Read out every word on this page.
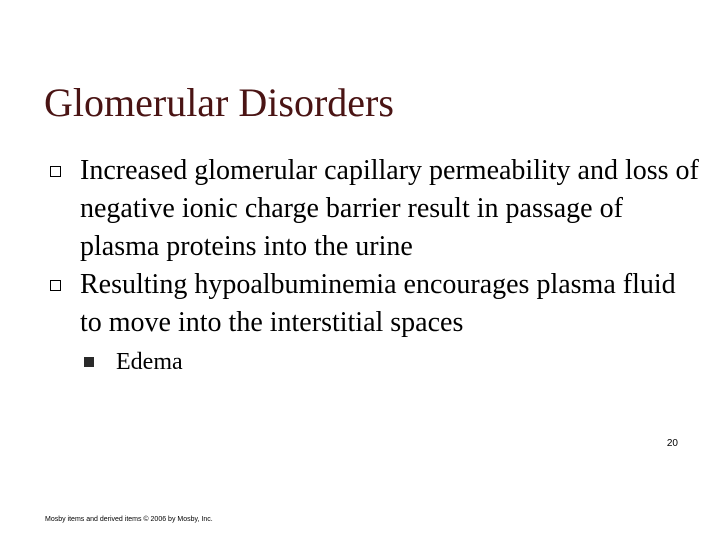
Glomerular Disorders
Increased glomerular capillary permeability and loss of negative ionic charge barrier result in passage of plasma proteins into the urine
Resulting hypoalbuminemia encourages plasma fluid to move into the interstitial spaces
Edema
20
Mosby items and derived items © 2006 by Mosby, Inc.
